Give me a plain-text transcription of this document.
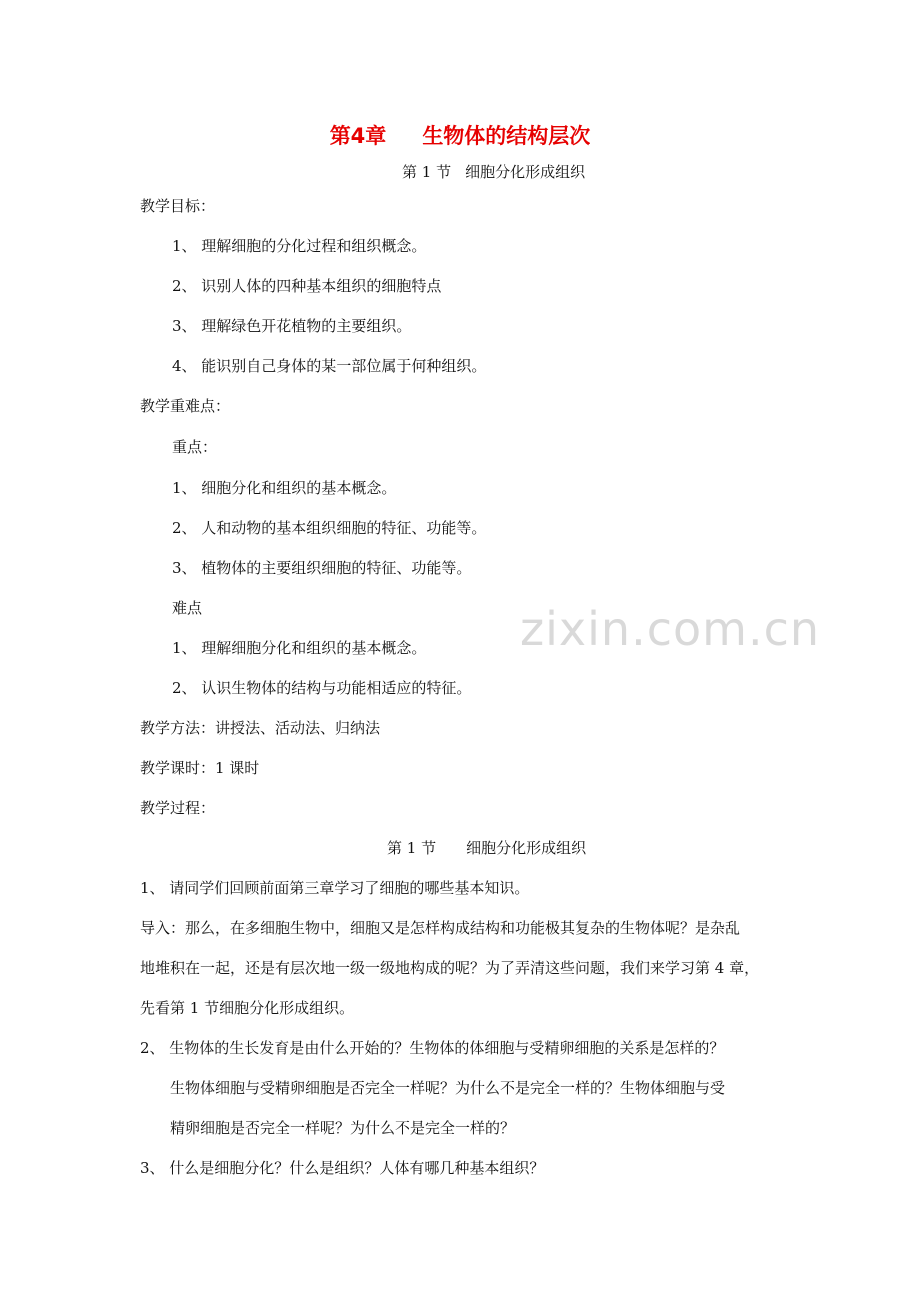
第4章 生物体的结构层次
第 1 节 细胞分化形成组织
教学目标：
1、 理解细胞的分化过程和组织概念。
2、 识别人体的四种基本组织的细胞特点
3、 理解绿色开花植物的主要组织。
4、 能识别自己身体的某一部位属于何种组织。
教学重难点：
重点：
1、 细胞分化和组织的基本概念。
2、 人和动物的基本组织细胞的特征、功能等。
3、 植物体的主要组织细胞的特征、功能等。
难点
1、 理解细胞分化和组织的基本概念。
2、 认识生物体的结构与功能相适应的特征。
教学方法：讲授法、活动法、归纳法
教学课时：1 课时
教学过程：
第 1 节 细胞分化形成组织
1、 请同学们回顾前面第三章学习了细胞的哪些基本知识。
导入：那么，在多细胞生物中，细胞又是怎样构成结构和功能极其复杂的生物体呢？是杂乱
地堆积在一起，还是有层次地一级一级地构成的呢？为了弄清这些问题，我们来学习第 4 章，
先看第 1 节细胞分化形成组织。
2、 生物体的生长发育是由什么开始的？生物体的体细胞与受精卵细胞的关系是怎样的？
生物体细胞与受精卵细胞是否完全一样呢？为什么不是完全一样的？生物体细胞与受
精卵细胞是否完全一样呢？为什么不是完全一样的？
3、 什么是细胞分化？什么是组织？人体有哪几种基本组织？
zixin.com.cn
